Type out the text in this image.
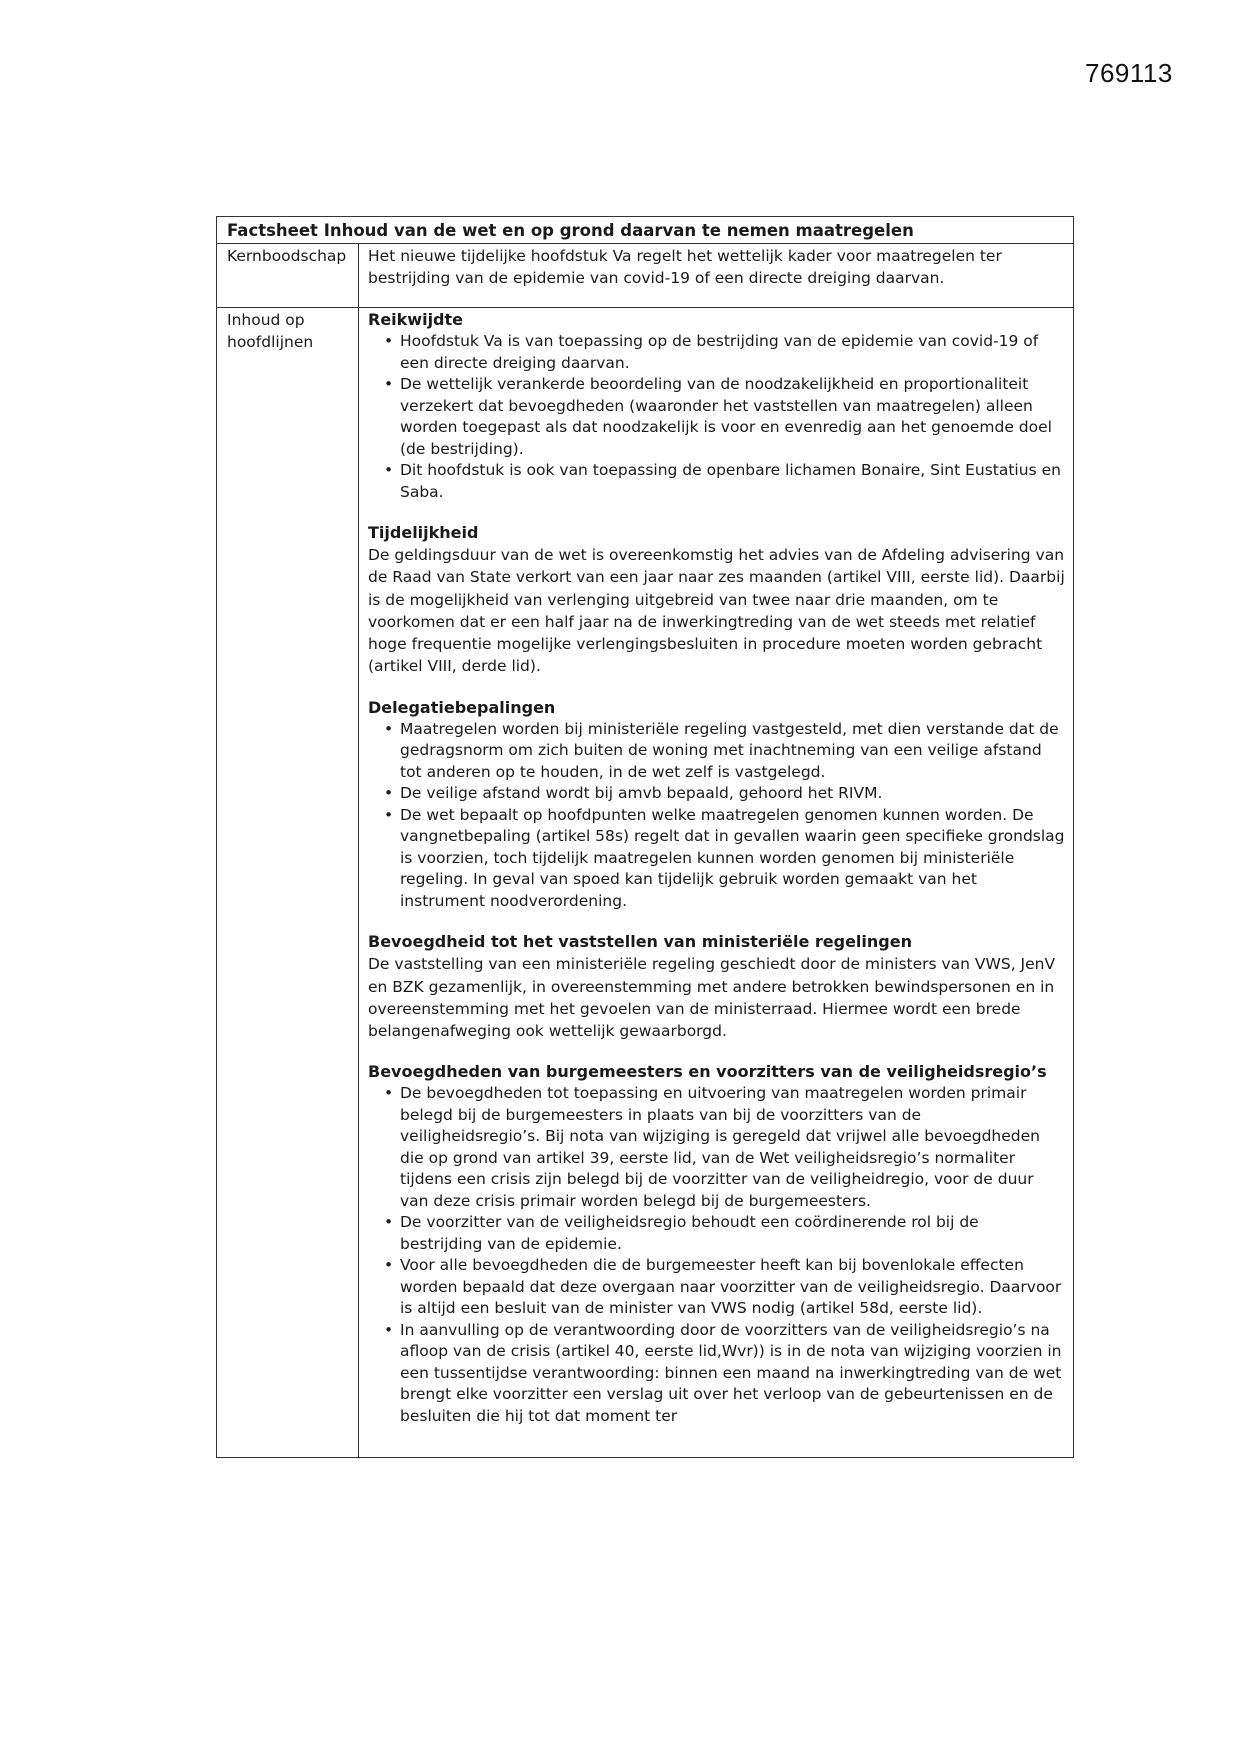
769113
Factsheet Inhoud van de wet en op grond daarvan te nemen maatregelen
Kernboodschap	Het nieuwe tijdelijke hoofdstuk Va regelt het wettelijk kader voor maatregelen ter bestrijding van de epidemie van covid-19 of een directe dreiging daarvan.
Inhoud op hoofdlijnen
Reikwijdte
• Hoofdstuk Va is van toepassing op de bestrijding van de epidemie van covid-19 of een directe dreiging daarvan.
• De wettelijk verankerde beoordeling van de noodzakelijkheid en proportionaliteit verzekert dat bevoegdheden (waaronder het vaststellen van maatregelen) alleen worden toegepast als dat noodzakelijk is voor en evenredig aan het genoemde doel (de bestrijding).
• Dit hoofdstuk is ook van toepassing de openbare lichamen Bonaire, Sint Eustatius en Saba.
Tijdelijkheid

De geldingsduur van de wet is overeenkomstig het advies van de Afdeling advisering van de Raad van State verkort van een jaar naar zes maanden (artikel VIII, eerste lid). Daarbij is de mogelijkheid van verlenging uitgebreid van twee naar drie maanden, om te voorkomen dat er een half jaar na de inwerkingtreding van de wet steeds met relatief hoge frequentie mogelijke verlengingsbesluiten in procedure moeten worden gebracht (artikel VIII, derde lid).

Delegatiebepalingen
• Maatregelen worden bij ministeriële regeling vastgesteld, met dien verstande dat de gedragsnorm om zich buiten de woning met inachtneming van een veilige afstand tot anderen op te houden, in de wet zelf is vastgelegd.
• De veilige afstand wordt bij amvb bepaald, gehoord het RIVM.
• De wet bepaalt op hoofdpunten welke maatregelen genomen kunnen worden. De vangnetbepaling (artikel 58s) regelt dat in gevallen waarin geen specifieke grondslag is voorzien, toch tijdelijk maatregelen kunnen worden genomen bij ministeriële regeling. In geval van spoed kan tijdelijk gebruik worden gemaakt van het instrument noodverordening.
Bevoegdheid tot het vaststellen van ministeriële regelingen

De vaststelling van een ministeriële regeling geschiedt door de ministers van VWS, JenV en BZK gezamenlijk, in overeenstemming met andere betrokken bewindspersonen en in overeenstemming met het gevoelen van de ministerraad. Hiermee wordt een brede belangenafweging ook wettelijk gewaarborgd.

Bevoegdheden van burgemeesters en voorzitters van de veiligheidsregio’s
• De bevoegdheden tot toepassing en uitvoering van maatregelen worden primair belegd bij de burgemeesters in plaats van bij de voorzitters van de veiligheidsregio’s. Bij nota van wijziging is geregeld dat vrijwel alle bevoegdheden die op grond van artikel 39, eerste lid, van de Wet veiligheidsregio’s normaliter tijdens een crisis zijn belegd bij de voorzitter van de veiligheidregio, voor de duur van deze crisis primair worden belegd bij de burgemeesters.
• De voorzitter van de veiligheidsregio behoudt een coördinerende rol bij de bestrijding van de epidemie.
• Voor alle bevoegdheden die de burgemeester heeft kan bij bovenlokale effecten worden bepaald dat deze overgaan naar voorzitter van de veiligheidsregio. Daarvoor is altijd een besluit van de minister van VWS nodig (artikel 58d, eerste lid).
• In aanvulling op de verantwoording door de voorzitters van de veiligheidsregio’s na afloop van de crisis (artikel 40, eerste lid,Wvr)) is in de nota van wijziging voorzien in een tussentijdse verantwoording: binnen een maand na inwerkingtreding van de wet brengt elke voorzitter een verslag uit over het verloop van de gebeurtenissen en de besluiten die hij tot dat moment ter
